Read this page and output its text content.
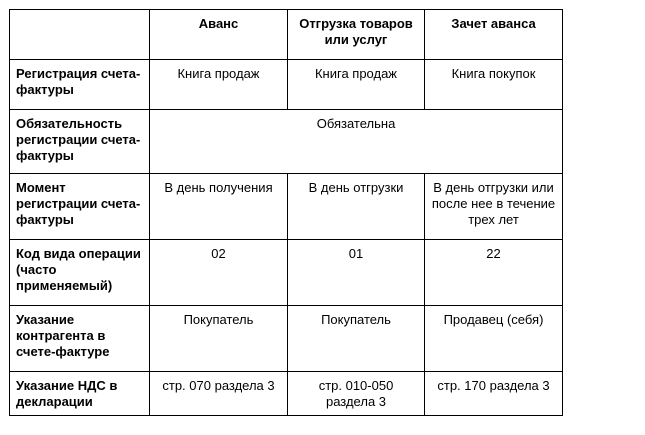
	Аванс	Отгрузка товаров или услуг	Зачет аванса
Регистрация счета-фактуры	Книга продаж	Книга продаж	Книга покупок
Обязательность регистрации счета-фактуры	Обязательна		
Момент регистрации счета-фактуры	В день получения	В день отгрузки	В день отгрузки или после нее в течение трех лет
Код вида операции (часто применяемый)	02	01	22
Указание контрагента в счете-фактуре	Покупатель	Покупатель	Продавец (себя)
Указание НДС в декларации	стр. 070 раздела 3	стр. 010-050 раздела 3	стр. 170 раздела 3
